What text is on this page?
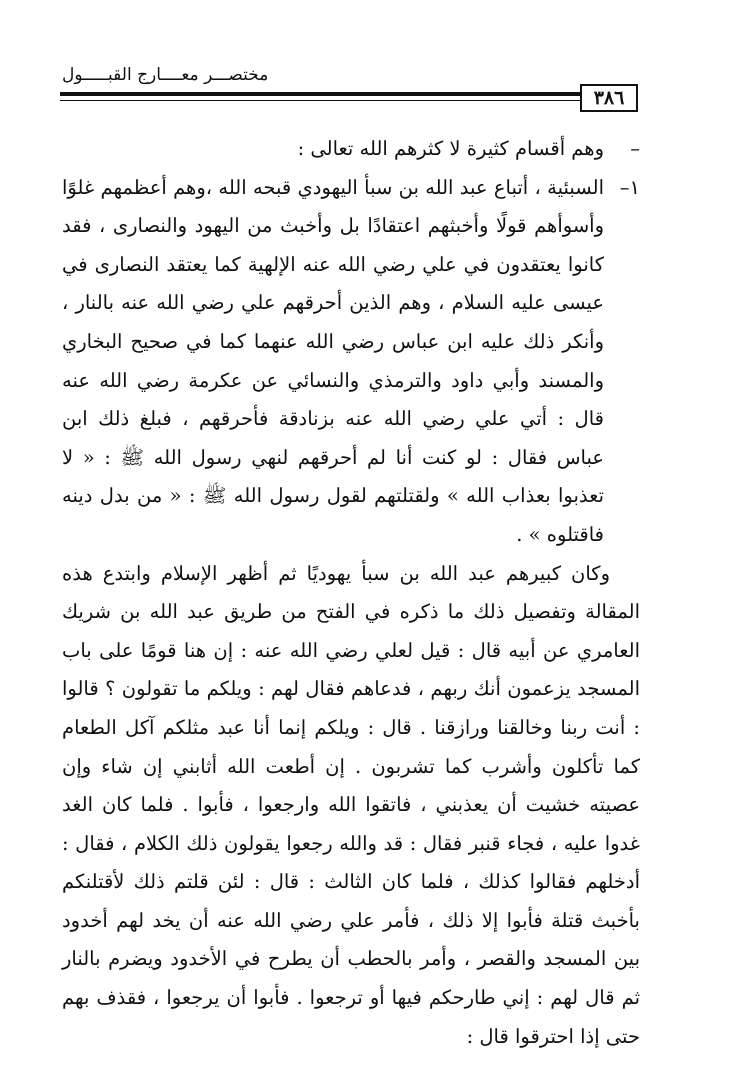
مختصـــر معــــارج القبـــــول
٣٨٦

–وهم أقسام كثيرة لا كثرهم الله تعالى :

١–السبئية ، أتباع عبد الله بن سبأ اليهودي قبحه الله ،وهم أعظمهم غلوًا وأسوأهم قولًا وأخبثهم اعتقادًا بل وأخبث من اليهود والنصارى ، فقد كانوا يعتقدون في علي رضي الله عنه الإلهية كما يعتقد النصارى في عيسى عليه السلام ، وهم الذين أحرقهم علي رضي الله عنه بالنار ، وأنكر ذلك عليه ابن عباس رضي الله عنهما كما في صحيح البخاري والمسند وأبي داود والترمذي والنسائي عن عكرمة رضي الله عنه قال : أتي علي رضي الله عنه بزنادقة فأحرقهم ، فبلغ ذلك ابن عباس فقال : لو كنت أنا لم أحرقهم لنهي رسول الله ﷺ : « لا تعذبوا بعذاب الله » ولقتلتهم لقول رسول الله ﷺ : « من بدل دينه فاقتلوه » .

وكان كبيرهم عبد الله بن سبأ يهوديًا ثم أظهر الإسلام وابتدع هذه المقالة وتفصيل ذلك ما ذكره في الفتح من طريق عبد الله بن شريك العامري عن أبيه قال : قيل لعلي رضي الله عنه : إن هنا قومًا على باب المسجد يزعمون أنك ربهم ، فدعاهم فقال لهم : ويلكم ما تقولون ؟ قالوا : أنت ربنا وخالقنا ورازقنا . قال : ويلكم إنما أنا عبد مثلكم آكل الطعام كما تأكلون وأشرب كما تشربون . إن أطعت الله أثابني إن شاء وإن عصيته خشيت أن يعذبني ، فاتقوا الله وارجعوا ، فأبوا . فلما كان الغد غدوا عليه ، فجاء قنبر فقال : قد والله رجعوا يقولون ذلك الكلام ، فقال : أدخلهم فقالوا كذلك ، فلما كان الثالث : قال : لئن قلتم ذلك لأقتلنكم بأخبث قتلة فأبوا إلا ذلك ، فأمر علي رضي الله عنه أن يخد لهم أخدود بين المسجد والقصر ، وأمر بالحطب أن يطرح في الأخدود ويضرم بالنار ثم قال لهم : إني طارحكم فيها أو ترجعوا . فأبوا أن يرجعوا ، فقذف بهم حتى إذا احترقوا قال :
